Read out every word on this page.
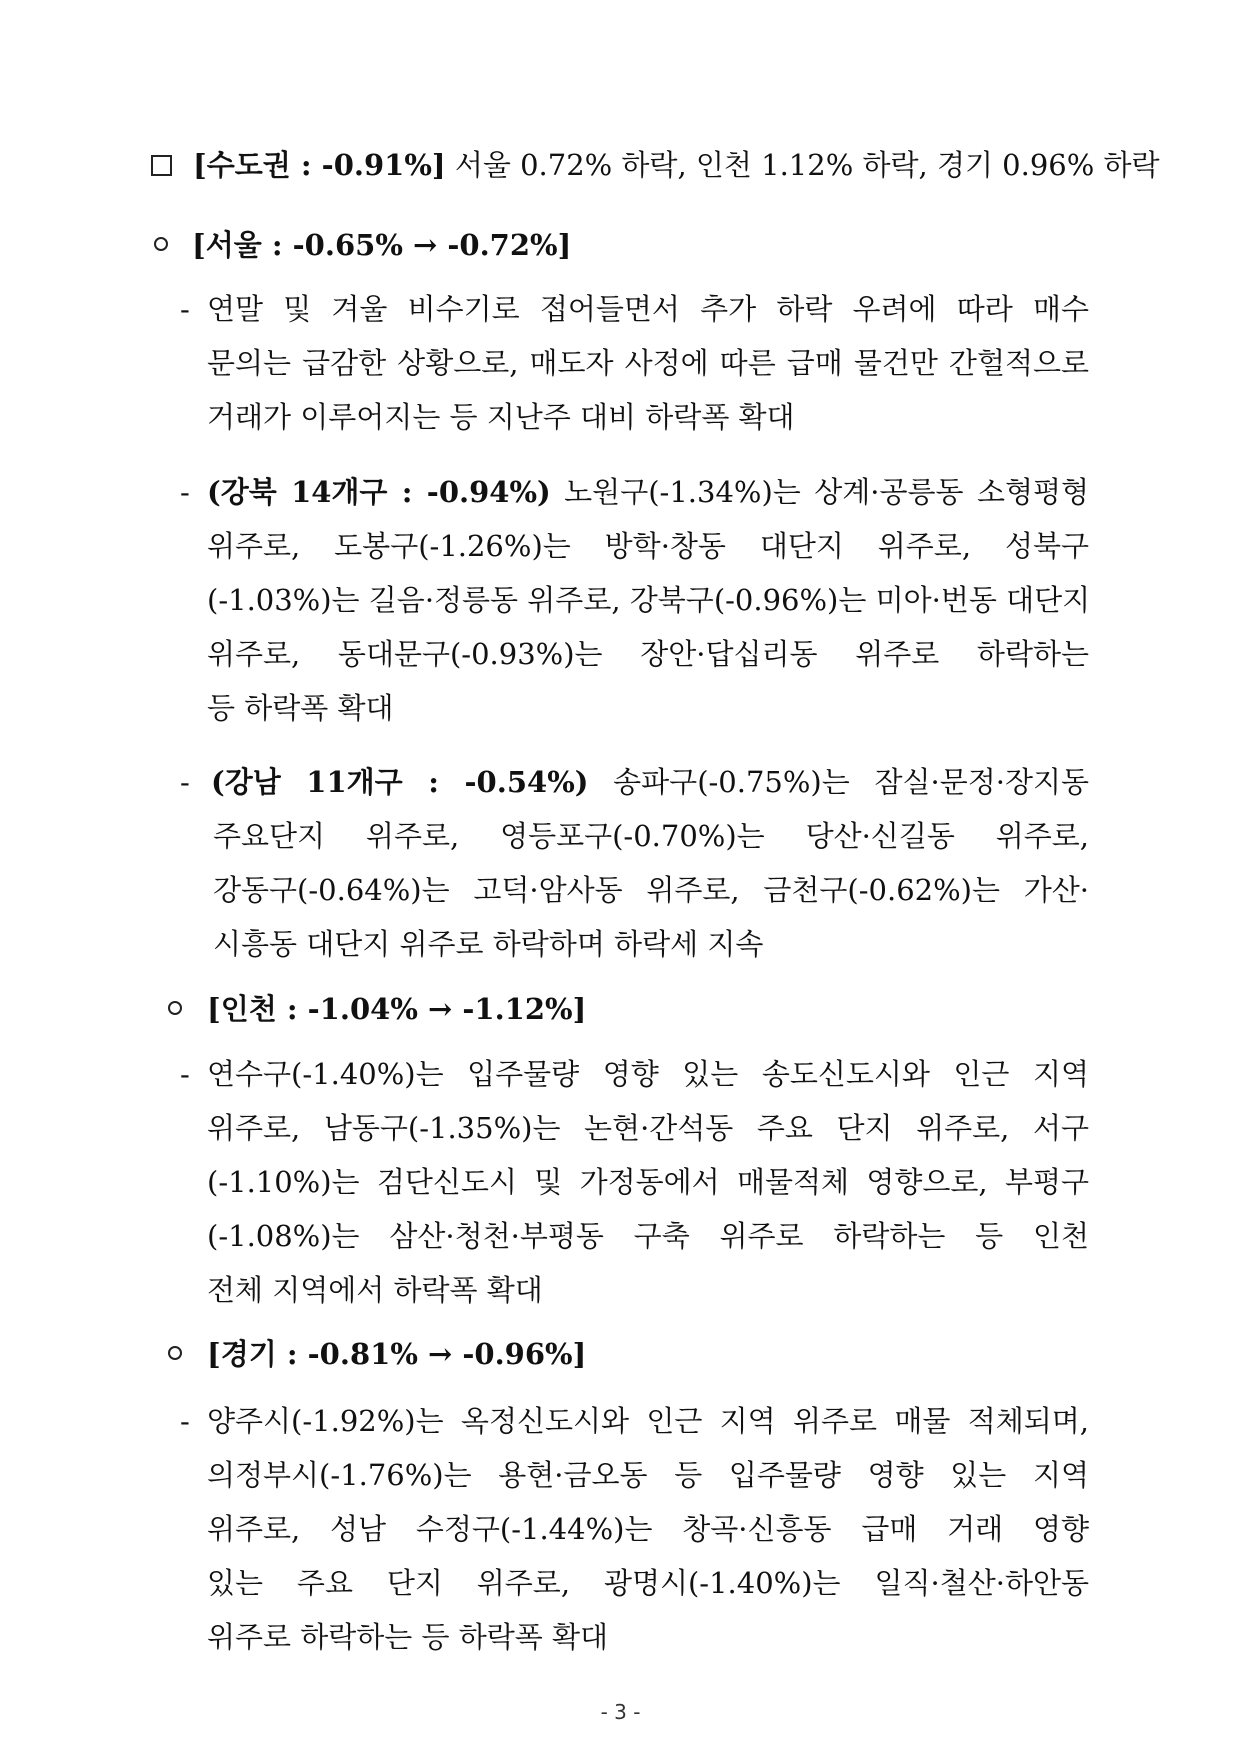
[수도권 : -0.91%] 서울 0.72% 하락, 인천 1.12% 하락, 경기 0.96% 하락
[서울 : -0.65% → -0.72%]
- 연말 및 겨울 비수기로 접어들면서 추가 하락 우려에 따라 매수
문의는 급감한 상황으로, 매도자 사정에 따른 급매 물건만 간헐적으로
거래가 이루어지는 등 지난주 대비 하락폭 확대
- (강북 14개구 : -0.94%) 노원구(-1.34%)는 상계·공릉동 소형평형
위주로, 도봉구(-1.26%)는 방학·창동 대단지 위주로, 성북구
(-1.03%)는 길음·정릉동 위주로, 강북구(-0.96%)는 미아·번동 대단지
위주로, 동대문구(-0.93%)는 장안·답십리동 위주로 하락하는
등 하락폭 확대
- (강남 11개구 : -0.54%) 송파구(-0.75%)는 잠실·문정·장지동
주요단지 위주로, 영등포구(-0.70%)는 당산·신길동 위주로,
강동구(-0.64%)는 고덕·암사동 위주로, 금천구(-0.62%)는 가산·
시흥동 대단지 위주로 하락하며 하락세 지속
[인천 : -1.04% → -1.12%]
- 연수구(-1.40%)는 입주물량 영향 있는 송도신도시와 인근 지역
위주로, 남동구(-1.35%)는 논현·간석동 주요 단지 위주로, 서구
(-1.10%)는 검단신도시 및 가정동에서 매물적체 영향으로, 부평구
(-1.08%)는 삼산·청천·부평동 구축 위주로 하락하는 등 인천
전체 지역에서 하락폭 확대
[경기 : -0.81% → -0.96%]
- 양주시(-1.92%)는 옥정신도시와 인근 지역 위주로 매물 적체되며,
의정부시(-1.76%)는 용현·금오동 등 입주물량 영향 있는 지역
위주로, 성남 수정구(-1.44%)는 창곡·신흥동 급매 거래 영향
있는 주요 단지 위주로, 광명시(-1.40%)는 일직·철산·하안동
위주로 하락하는 등 하락폭 확대
- 3 -
